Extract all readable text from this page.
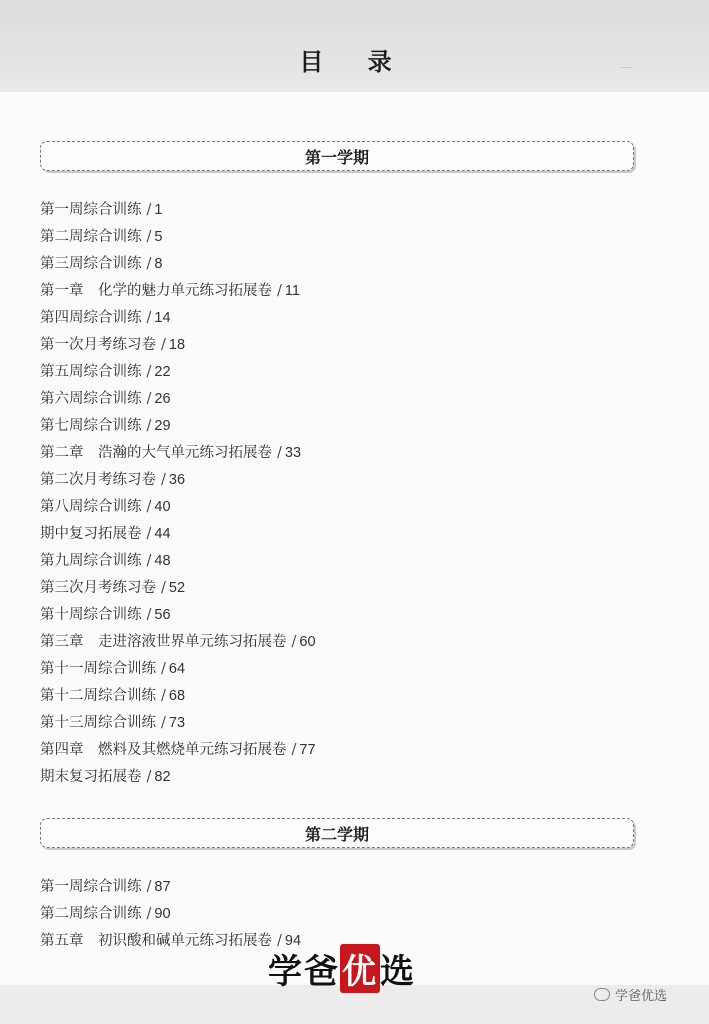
—
目 录
第一学期
第一周综合训练 / 1
第二周综合训练 / 5
第三周综合训练 / 8
第一章　化学的魅力单元练习拓展卷 / 11
第四周综合训练 / 14
第一次月考练习卷 / 18
第五周综合训练 / 22
第六周综合训练 / 26
第七周综合训练 / 29
第二章　浩瀚的大气单元练习拓展卷 / 33
第二次月考练习卷 / 36
第八周综合训练 / 40
期中复习拓展卷 / 44
第九周综合训练 / 48
第三次月考练习卷 / 52
第十周综合训练 / 56
第三章　走进溶液世界单元练习拓展卷 / 60
第十一周综合训练 / 64
第十二周综合训练 / 68
第十三周综合训练 / 73
第四章　燃料及其燃烧单元练习拓展卷 / 77
期末复习拓展卷 / 82
第二学期
第一周综合训练 / 87
第二周综合训练 / 90
第五章　初识酸和碱单元练习拓展卷 / 94
学爸优选
学爸优选
